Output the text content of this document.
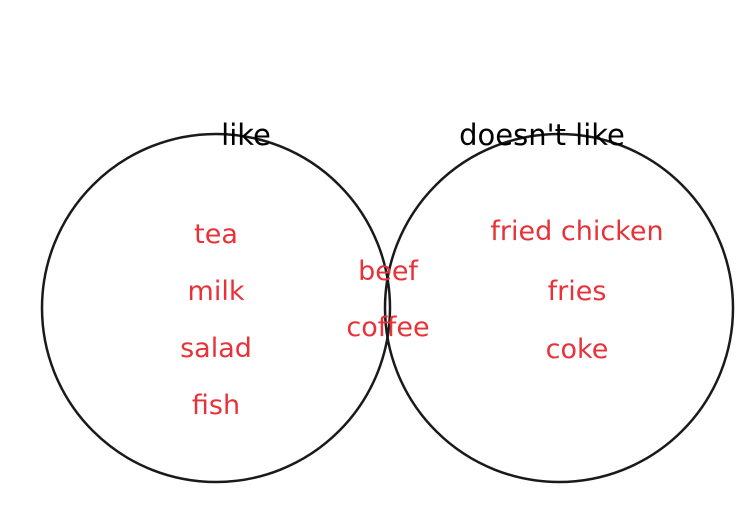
like	doesn't like
tea
milk
salad
fish
beef
coffee
fried chicken
fries
coke
